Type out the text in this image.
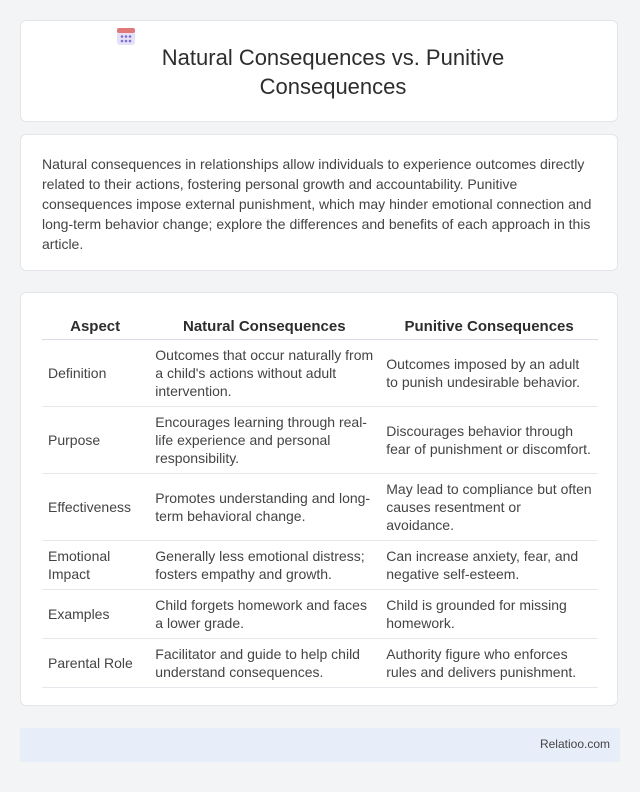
Natural Consequences vs. Punitive Consequences

Natural consequences in relationships allow individuals to experience outcomes directly related to their actions, fostering personal growth and accountability. Punitive consequences impose external punishment, which may hinder emotional connection and long-term behavior change; explore the differences and benefits of each approach in this article.

Aspect	Natural Consequences	Punitive Consequences
Definition	Outcomes that occur naturally from a child's actions without adult intervention.	Outcomes imposed by an adult to punish undesirable behavior.
Purpose	Encourages learning through real-life experience and personal responsibility.	Discourages behavior through fear of punishment or discomfort.
Effectiveness	Promotes understanding and long-term behavioral change.	May lead to compliance but often causes resentment or avoidance.
Emotional Impact	Generally less emotional distress; fosters empathy and growth.	Can increase anxiety, fear, and negative self-esteem.
Examples	Child forgets homework and faces a lower grade.	Child is grounded for missing homework.
Parental Role	Facilitator and guide to help child understand consequences.	Authority figure who enforces rules and delivers punishment.
Relatioo.com
